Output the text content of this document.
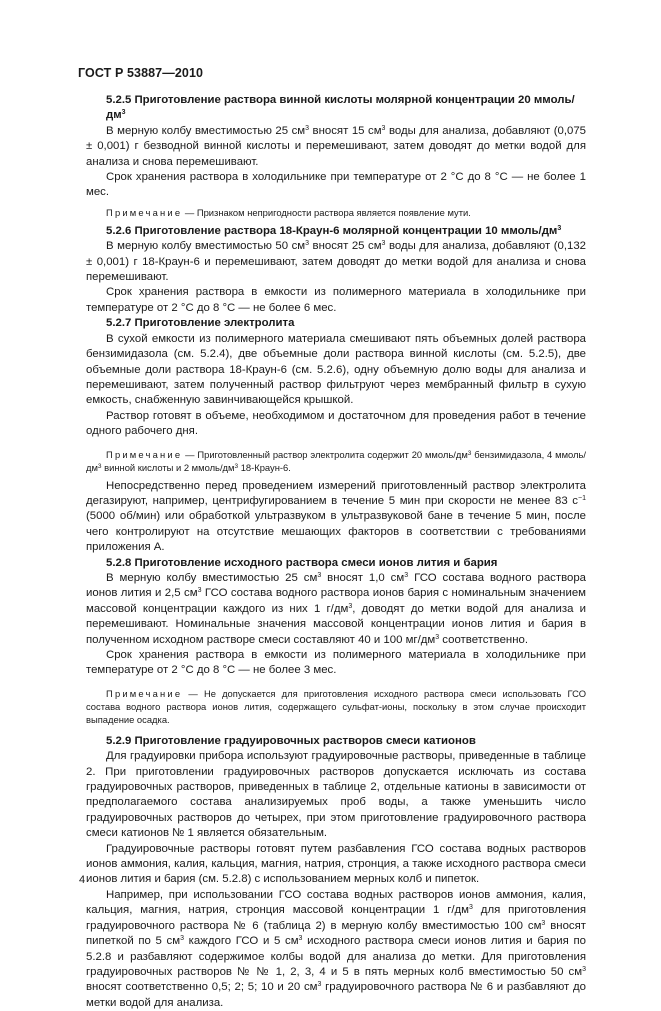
ГОСТ Р 53887—2010
5.2.5 Приготовление раствора винной кислоты молярной концентрации 20 ммоль/$дм^3$

В мерную колбу вместимостью 25 $см^3$ вносят 15 $см^3$ воды для анализа, добавляют (0,075 ± 0,001) г безводной винной кислоты и перемешивают, затем доводят до метки водой для анализа и снова перемешивают.

Срок хранения раствора в холодильнике при температуре от 2 °С до 8 °С — не более 1 мес.

Примечание — Признаком непригодности раствора является появление мути.

5.2.6 Приготовление раствора 18-Краун-6 молярной концентрации 10 ммоль/$дм^3$

В мерную колбу вместимостью 50 $см^3$ вносят 25 $см^3$ воды для анализа, добавляют (0,132 ± 0,001) г 18-Краун-6 и перемешивают, затем доводят до метки водой для анализа и снова перемешивают.

Срок хранения раствора в емкости из полимерного материала в холодильнике при температуре от 2 °С до 8 °С — не более 6 мес.

5.2.7 Приготовление электролита

В сухой емкости из полимерного материала смешивают пять объемных долей раствора бензимидазола (см. 5.2.4), две объемные доли раствора винной кислоты (см. 5.2.5), две объемные доли раствора 18-Краун-6 (см. 5.2.6), одну объемную долю воды для анализа и перемешивают, затем полученный раствор фильтруют через мембранный фильтр в сухую емкость, снабженную завинчивающейся крышкой.

Раствор готовят в объеме, необходимом и достаточном для проведения работ в течение одного рабочего дня.

Примечание — Приготовленный раствор электролита содержит 20 ммоль/$дм^3$ бензимидазола, 4 ммоль/$дм^3$ винной кислоты и 2 ммоль/$дм^3$ 18-Краун-6.

Непосредственно перед проведением измерений приготовленный раствор электролита дегазируют, например, центрифугированием в течение 5 мин при скорости не менее 83 $с^{-1}$ (5000 об/мин) или обработкой ультразвуком в ультразвуковой бане в течение 5 мин, после чего контролируют на отсутствие мешающих факторов в соответствии с требованиями приложения А.

5.2.8 Приготовление исходного раствора смеси ионов лития и бария

В мерную колбу вместимостью 25 $см^3$ вносят 1,0 $см^3$ ГСО состава водного раствора ионов лития и 2,5 $см^3$ ГСО состава водного раствора ионов бария с номинальным значением массовой концентрации каждого из них 1 $г/дм^3$, доводят до метки водой для анализа и перемешивают. Номинальные значения массовой концентрации ионов лития и бария в полученном исходном растворе смеси составляют 40 и 100 $мг/дм^3$ соответственно.

Срок хранения раствора в емкости из полимерного материала в холодильнике при температуре от 2 °С до 8 °С — не более 3 мес.

Примечание — Не допускается для приготовления исходного раствора смеси использовать ГСО состава водного раствора ионов лития, содержащего сульфат-ионы, поскольку в этом случае происходит выпадение осадка.

5.2.9 Приготовление градуировочных растворов смеси катионов

Для градуировки прибора используют градуировочные растворы, приведенные в таблице 2. При приготовлении градуировочных растворов допускается исключать из состава градуировочных растворов, приведенных в таблице 2, отдельные катионы в зависимости от предполагаемого состава анализируемых проб воды, а также уменьшить число градуировочных растворов до четырех, при этом приготовление градуировочного раствора смеси катионов № 1 является обязательным.

Градуировочные растворы готовят путем разбавления ГСО состава водных растворов ионов аммония, калия, кальция, магния, натрия, стронция, а также исходного раствора смеси ионов лития и бария (см. 5.2.8) с использованием мерных колб и пипеток.

Например, при использовании ГСО состава водных растворов ионов аммония, калия, кальция, магния, натрия, стронция массовой концентрации 1 $г/дм^3$ для приготовления градуировочного раствора № 6 (таблица 2) в мерную колбу вместимостью 100 $см^3$ вносят пипеткой по 5 $см^3$ каждого ГСО и 5 $см^3$ исходного раствора смеси ионов лития и бария по 5.2.8 и разбавляют содержимое колбы водой для анализа до метки. Для приготовления градуировочных растворов № № 1, 2, 3, 4 и 5 в пять мерных колб вместимостью 50 $см^3$ вносят соответственно 0,5; 2; 5; 10 и 20 $см^3$ градуировочного раствора № 6 и разбавляют до метки водой для анализа.

4
